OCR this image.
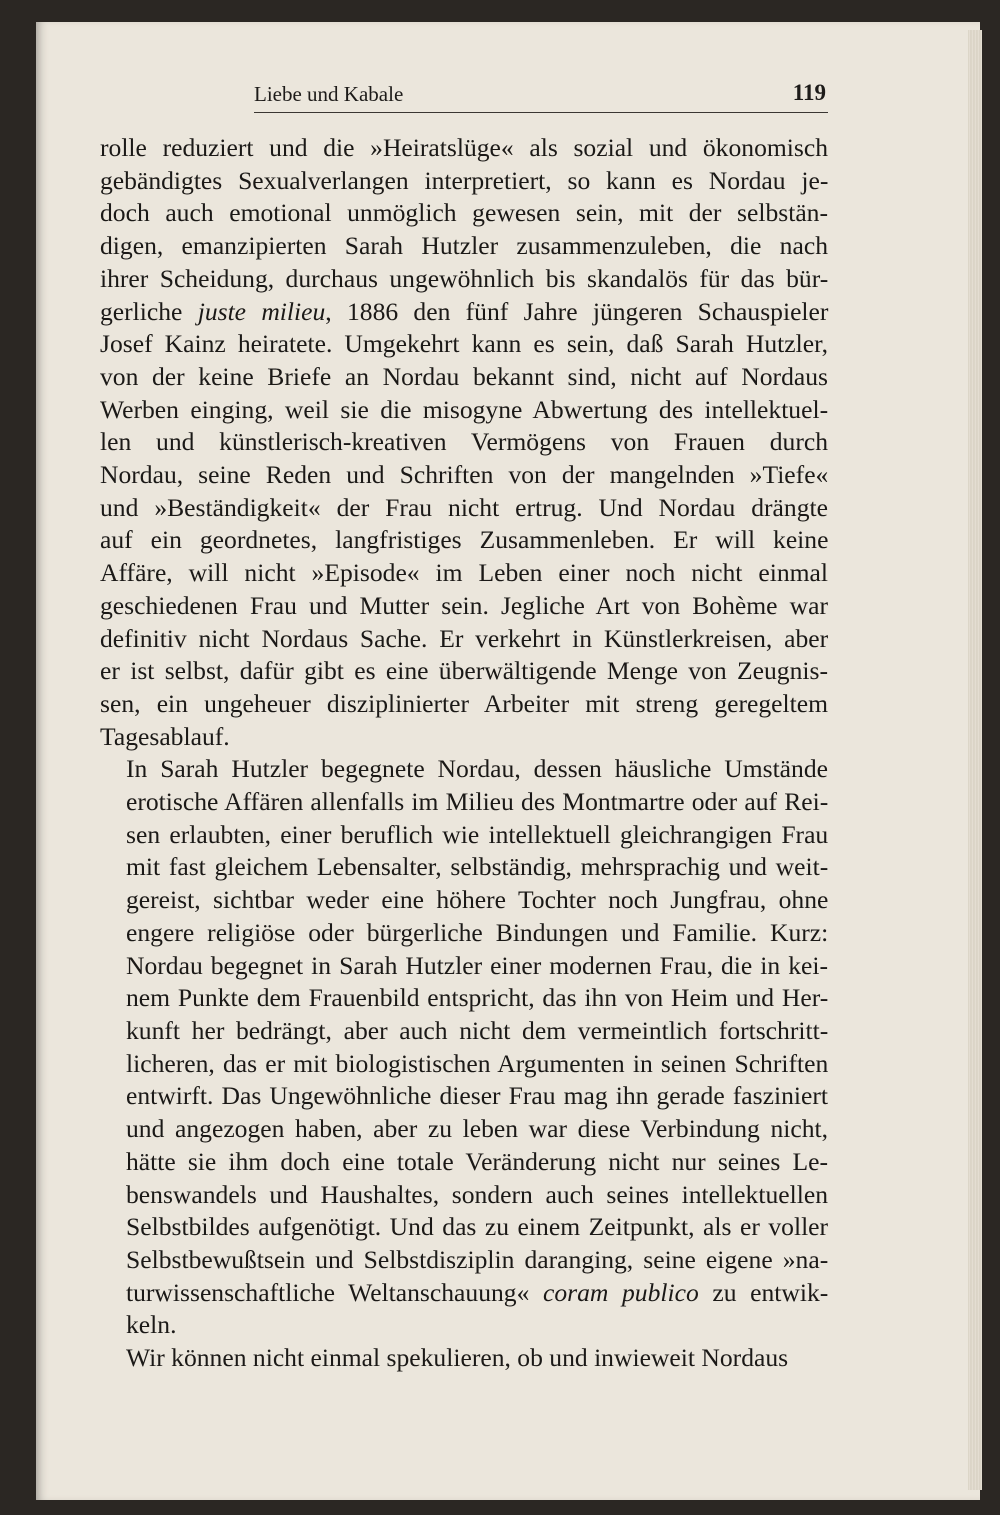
Liebe und Kabale	119
rolle reduziert und die »Heiratslüge« als sozial und ökonomisch
gebändigtes Sexualverlangen interpretiert, so kann es Nordau je-
doch auch emotional unmöglich gewesen sein, mit der selbstän-
digen, emanzipierten Sarah Hutzler zusammenzuleben, die nach
ihrer Scheidung, durchaus ungewöhnlich bis skandalös für das bür-
gerliche juste milieu, 1886 den fünf Jahre jüngeren Schauspieler
Josef Kainz heiratete. Umgekehrt kann es sein, daß Sarah Hutzler,
von der keine Briefe an Nordau bekannt sind, nicht auf Nordaus
Werben einging, weil sie die misogyne Abwertung des intellektuel-
len und künstlerisch-kreativen Vermögens von Frauen durch
Nordau, seine Reden und Schriften von der mangelnden »Tiefe«
und »Beständigkeit« der Frau nicht ertrug. Und Nordau drängte
auf ein geordnetes, langfristiges Zusammenleben. Er will keine
Affäre, will nicht »Episode« im Leben einer noch nicht einmal
geschiedenen Frau und Mutter sein. Jegliche Art von Bohème war
definitiv nicht Nordaus Sache. Er verkehrt in Künstlerkreisen, aber
er ist selbst, dafür gibt es eine überwältigende Menge von Zeugnis-
sen, ein ungeheuer disziplinierter Arbeiter mit streng geregeltem
Tagesablauf.
In Sarah Hutzler begegnete Nordau, dessen häusliche Umstände
erotische Affären allenfalls im Milieu des Montmartre oder auf Rei-
sen erlaubten, einer beruflich wie intellektuell gleichrangigen Frau
mit fast gleichem Lebensalter, selbständig, mehrsprachig und weit-
gereist, sichtbar weder eine höhere Tochter noch Jungfrau, ohne
engere religiöse oder bürgerliche Bindungen und Familie. Kurz:
Nordau begegnet in Sarah Hutzler einer modernen Frau, die in kei-
nem Punkte dem Frauenbild entspricht, das ihn von Heim und Her-
kunft her bedrängt, aber auch nicht dem vermeintlich fortschritt-
licheren, das er mit biologistischen Argumenten in seinen Schriften
entwirft. Das Ungewöhnliche dieser Frau mag ihn gerade fasziniert
und angezogen haben, aber zu leben war diese Verbindung nicht,
hätte sie ihm doch eine totale Veränderung nicht nur seines Le-
benswandels und Haushaltes, sondern auch seines intellektuellen
Selbstbildes aufgenötigt. Und das zu einem Zeitpunkt, als er voller
Selbstbewußtsein und Selbstdisziplin daranging, seine eigene »na-
turwissenschaftliche Weltanschauung« coram publico zu entwik-
keln.
Wir können nicht einmal spekulieren, ob und inwieweit Nordaus
